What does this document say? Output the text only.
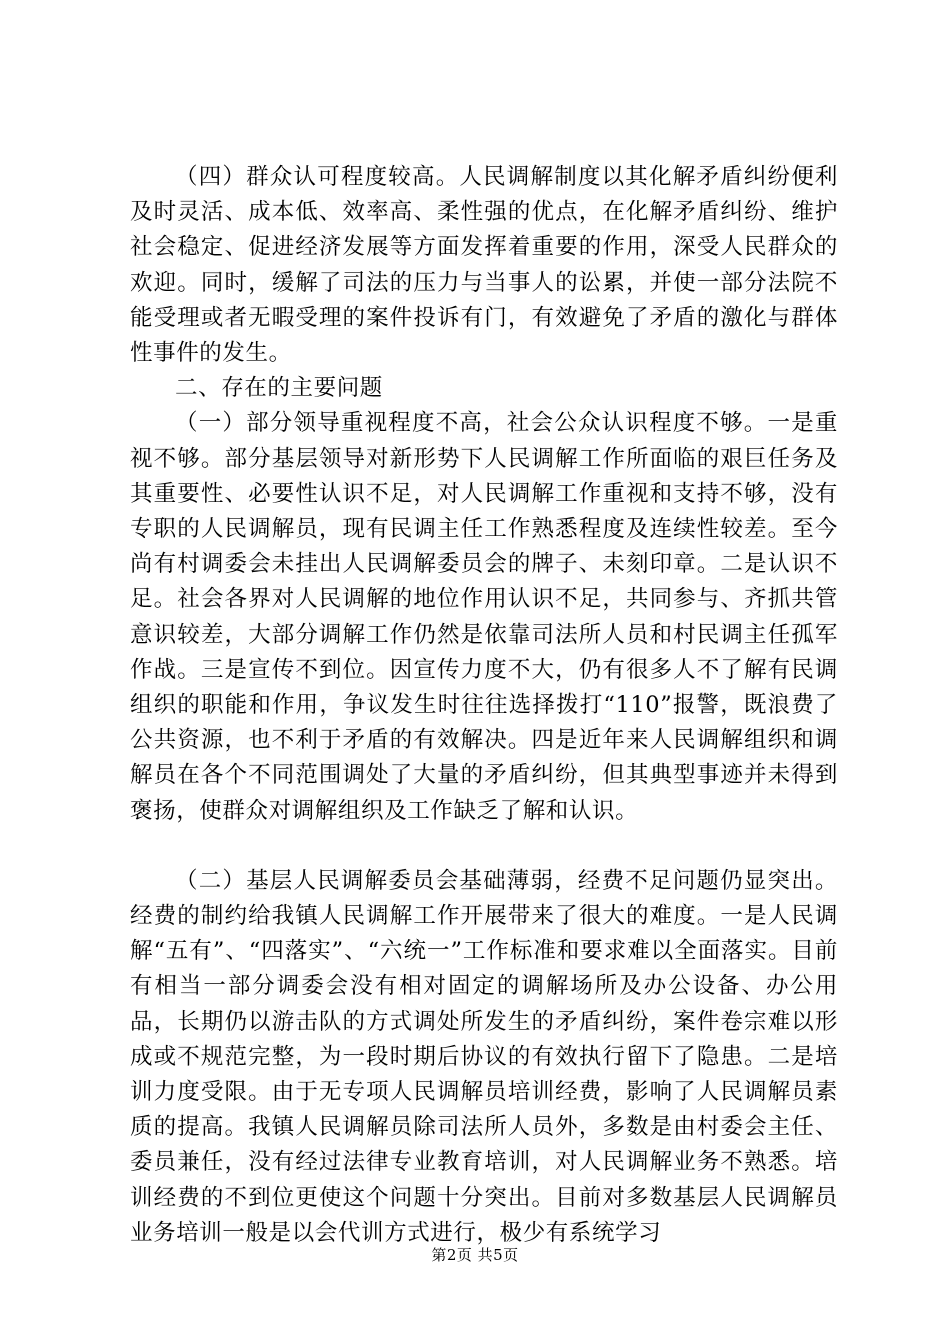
（四）群众认可程度较高。人民调解制度以其化解矛盾纠纷便利及时灵活、成本低、效率高、柔性强的优点，在化解矛盾纠纷、维护社会稳定、促进经济发展等方面发挥着重要的作用，深受人民群众的欢迎。同时，缓解了司法的压力与当事人的讼累，并使一部分法院不能受理或者无暇受理的案件投诉有门，有效避免了矛盾的激化与群体性事件的发生。

二、存在的主要问题

（一）部分领导重视程度不高，社会公众认识程度不够。一是重视不够。部分基层领导对新形势下人民调解工作所面临的艰巨任务及其重要性、必要性认识不足，对人民调解工作重视和支持不够，没有专职的人民调解员，现有民调主任工作熟悉程度及连续性较差。至今尚有村调委会未挂出人民调解委员会的牌子、未刻印章。二是认识不足。社会各界对人民调解的地位作用认识不足，共同参与、齐抓共管意识较差，大部分调解工作仍然是依靠司法所人员和村民调主任孤军作战。三是宣传不到位。因宣传力度不大，仍有很多人不了解有民调组织的职能和作用，争议发生时往往选择拨打“110”报警，既浪费了公共资源，也不利于矛盾的有效解决。四是近年来人民调解组织和调解员在各个不同范围调处了大量的矛盾纠纷，但其典型事迹并未得到褒扬，使群众对调解组织及工作缺乏了解和认识。

（二）基层人民调解委员会基础薄弱，经费不足问题仍显突出。经费的制约给我镇人民调解工作开展带来了很大的难度。一是人民调解“五有”、“四落实”、“六统一”工作标准和要求难以全面落实。目前有相当一部分调委会没有相对固定的调解场所及办公设备、办公用品，长期仍以游击队的方式调处所发生的矛盾纠纷，案件卷宗难以形成或不规范完整，为一段时期后协议的有效执行留下了隐患。二是培训力度受限。由于无专项人民调解员培训经费，影响了人民调解员素质的提高。我镇人民调解员除司法所人员外，多数是由村委会主任、委员兼任，没有经过法律专业教育培训，对人民调解业务不熟悉。培训经费的不到位更使这个问题十分突出。目前对多数基层人民调解员业务培训一般是以会代训方式进行，极少有系统学习

第2页 共5页
